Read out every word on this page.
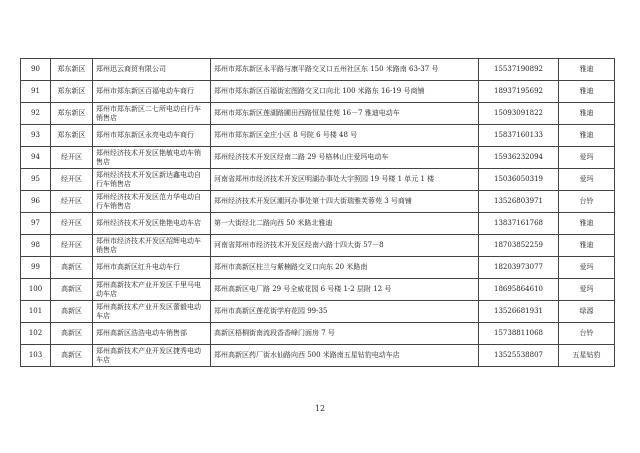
90	郑东新区	郑州迅云商贸有限公司	郑州市郑东新区永平路与康平路交叉口五州社区东 150 米路南 63-37 号	15537190892	雅迪
91	郑东新区	郑州市郑东新区百福电动车商行	郑州市郑东新区百福街宏图路交叉口向北 100 米路东 16-19 号商铺	18937195692	雅迪
92	郑东新区	郑州市郑东新区二七所电动自行车销售店	郑州市郑东新区莲湖路圃田西路恒星佳苑 16－7 雅迪电动车	15093091822	雅迪
93	郑东新区	郑州市郑东新区永亮电动车商行	郑州市郑东新区金庄小区 8 号院 6 号楼 48 号	15837160133	雅迪
94	经开区	郑州经济技术开发区艳敏电动车销售店	郑州经济技术开发区经南二路 29 号格林山庄爱玛电动车	15936232094	爱玛
95	经开区	郑州经济技术开发区新达鑫电动自行车销售店	河南省郑州市经济技术开发区明湖办事处大宇照园 19 号楼 1 单元 1 楼	15036050319	爱玛
96	经开区	郑州经济技术开发区范力华电动自行车销售店	郑州经济技术开发区潮河办事处第十四大街瑞雅芙蓉苑 3 号商铺	13526803971	台铃
97	经开区	郑州经济技术开发区艳艳电动车店	第一大街经北二路向西 50 米路北雅迪	13837161768	雅迪
98	经开区	郑州市经济技术开发区绍辉电动车销售店	河南省郑州市经济技术开发区经南六路十四大街 57－8	18703852259	雅迪
99	高新区	郑州市高新区红升电动车行	郑州市高新区柱兰与紫楠路交叉口向东 20 米路南	18203973077	爱玛
100	高新区	郑州高新技术产业开发区千里马电动车店	郑州高新区电厂路 29 号全威花园 6 号楼 1-2 层附 12 号	18695864610	爱玛
101	高新区	郑州高新技术产业开发区蕾毅电动车店	郑州市高新区莲花街学府花园 99-35	13526681931	绿源
102	高新区	郑州高新区浩浩电动车销售部	高新区梧桐街南流段香香峰门面房 7 号	15738811068	台铃
103	高新区	郑州高新技术产业开发区捷秀电动车店	郑州高新区药厂街水仙路向西 500 米路南五星钻豹电动车店	13525538807	五星钻豹
12
